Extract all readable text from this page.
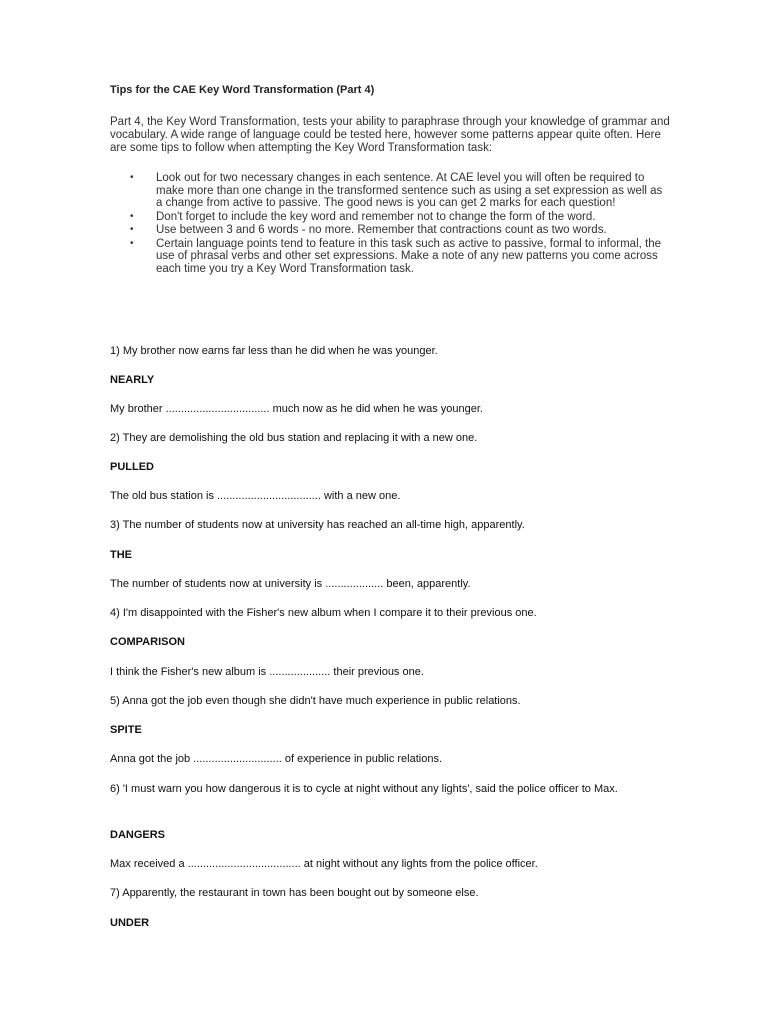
Tips for the CAE Key Word Transformation (Part 4)
Part 4, the Key Word Transformation, tests your ability to paraphrase through your knowledge of grammar and vocabulary. A wide range of language could be tested here, however some patterns appear quite often. Here are some tips to follow when attempting the Key Word Transformation task:
• Look out for two necessary changes in each sentence. At CAE level you will often be required to make more than one change in the transformed sentence such as using a set expression as well as a change from active to passive. The good news is you can get 2 marks for each question!
• Don't forget to include the key word and remember not to change the form of the word.
• Use between 3 and 6 words - no more. Remember that contractions count as two words.
• Certain language points tend to feature in this task such as active to passive, formal to informal, the use of phrasal verbs and other set expressions. Make a note of any new patterns you come across each time you try a Key Word Transformation task.
1) My brother now earns far less than he did when he was younger.
NEARLY
My brother .................................. much now as he did when he was younger.
2) They are demolishing the old bus station and replacing it with a new one.
PULLED
The old bus station is .................................. with a new one.
3) The number of students now at university has reached an all-time high, apparently.
THE
The number of students now at university is ................... been, apparently.
4) I'm disappointed with the Fisher's new album when I compare it to their previous one.
COMPARISON
I think the Fisher's new album is .................... their previous one.
5) Anna got the job even though she didn't have much experience in public relations.
SPITE
Anna got the job ............................. of experience in public relations.
6) 'I must warn you how dangerous it is to cycle at night without any lights', said the police officer to Max.
DANGERS
Max received a ..................................... at night without any lights from the police officer.
7) Apparently, the restaurant in town has been bought out by someone else.
UNDER
